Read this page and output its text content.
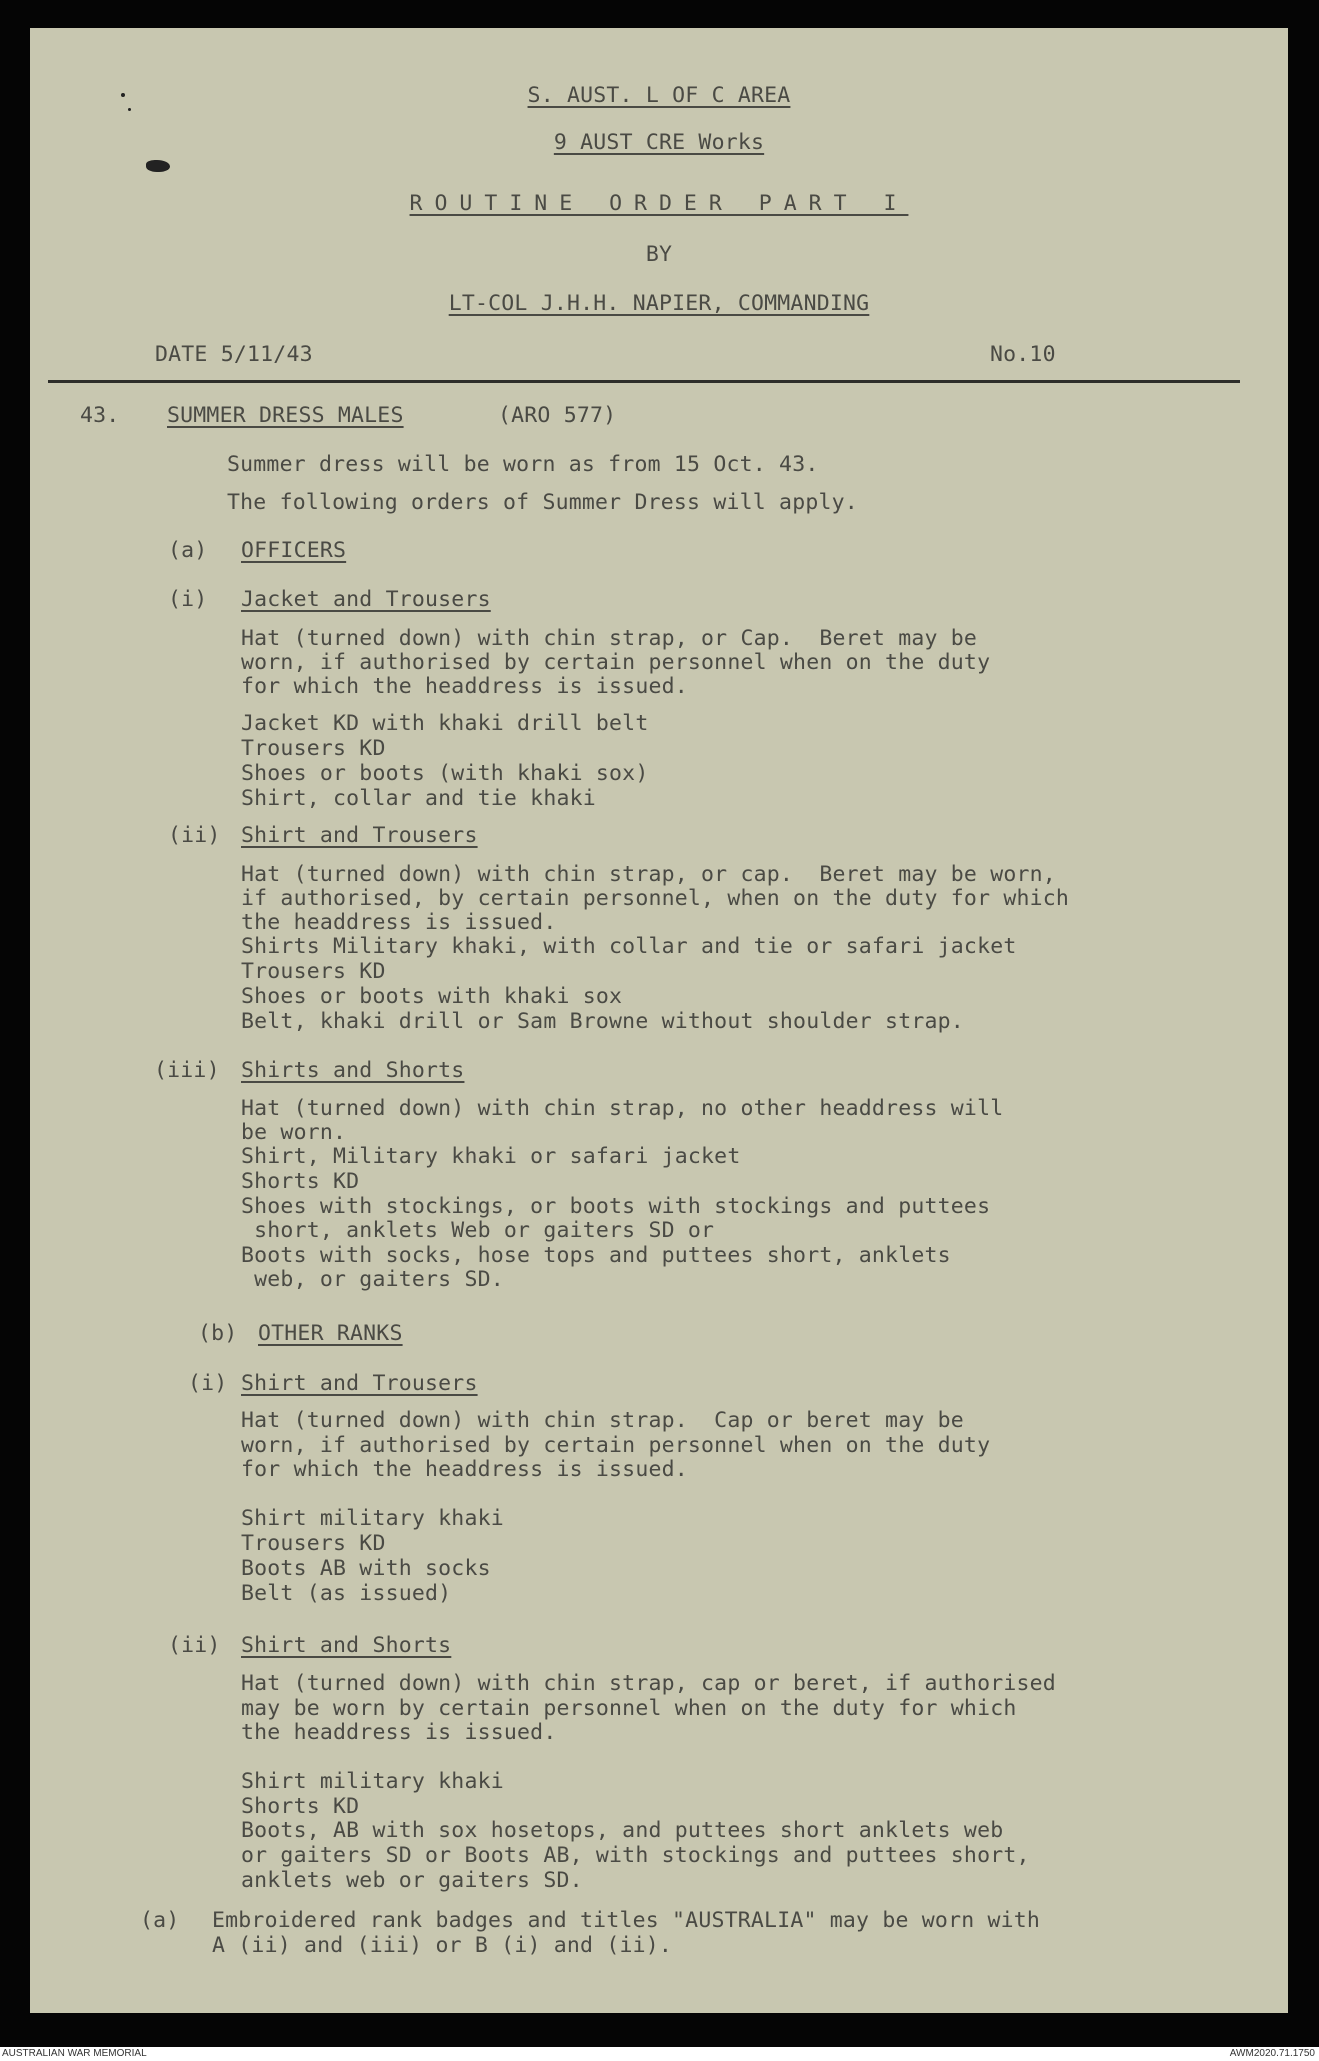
S. AUST. L OF C AREA
9 AUST CRE Works
ROUTINE ORDER PART I
BY
LT-COL J.H.H. NAPIER, COMMANDING
DATE 5/11/43	No.10
43. SUMMER DRESS MALES	(ARO 577)
Summer dress will be worn as from 15 Oct. 43.
The following orders of Summer Dress will apply.
(a) OFFICERS
(i) Jacket and Trousers
Hat (turned down) with chin strap, or Cap.  Beret may be
worn, if authorised by certain personnel when on the duty
for which the headdress is issued.
Jacket KD with khaki drill belt
Trousers KD
Shoes or boots (with khaki sox)
Shirt, collar and tie khaki
(ii) Shirt and Trousers
Hat (turned down) with chin strap, or cap.  Beret may be worn,
if authorised, by certain personnel, when on the duty for which
the headdress is issued.
Shirts Military khaki, with collar and tie or safari jacket
Trousers KD
Shoes or boots with khaki sox
Belt, khaki drill or Sam Browne without shoulder strap.
(iii) Shirts and Shorts
Hat (turned down) with chin strap, no other headdress will
be worn.
Shirt, Military khaki or safari jacket
Shorts KD
Shoes with stockings, or boots with stockings and puttees
short, anklets Web or gaiters SD or
Boots with socks, hose tops and puttees short, anklets
web, or gaiters SD.
(b) OTHER RANKS
(i) Shirt and Trousers
Hat (turned down) with chin strap.  Cap or beret may be
worn, if authorised by certain personnel when on the duty
for which the headdress is issued.
Shirt military khaki
Trousers KD
Boots AB with socks
Belt (as issued)
(ii) Shirt and Shorts
Hat (turned down) with chin strap, cap or beret, if authorised
may be worn by certain personnel when on the duty for which
the headdress is issued.
Shirt military khaki
Shorts KD
Boots, AB with sox hosetops, and puttees short anklets web
or gaiters SD or Boots AB, with stockings and puttees short,
anklets web or gaiters SD.
(a) Embroidered rank badges and titles "AUSTRALIA" may be worn with
A (ii) and (iii) or B (i) and (ii).
AUSTRALIAN WAR MEMORIAL	AWM2020.71.1750
